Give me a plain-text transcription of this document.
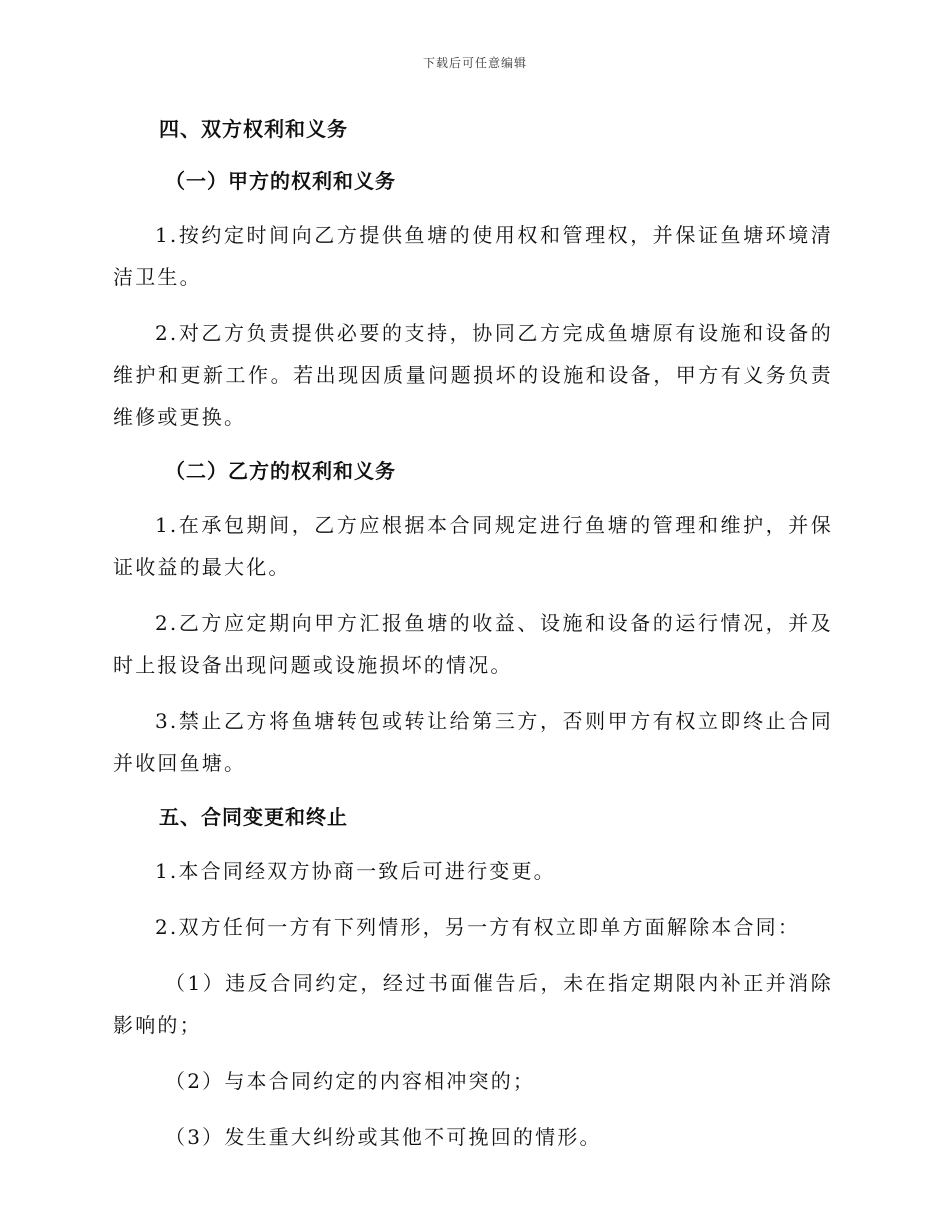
下载后可任意编辑
四、双方权利和义务
（一）甲方的权利和义务

1.按约定时间向乙方提供鱼塘的使用权和管理权，并保证鱼塘环境清洁卫生。

2.对乙方负责提供必要的支持，协同乙方完成鱼塘原有设施和设备的维护和更新工作。若出现因质量问题损坏的设施和设备，甲方有义务负责维修或更换。

（二）乙方的权利和义务

1.在承包期间，乙方应根据本合同规定进行鱼塘的管理和维护，并保证收益的最大化。

2.乙方应定期向甲方汇报鱼塘的收益、设施和设备的运行情况，并及时上报设备出现问题或设施损坏的情况。

3.禁止乙方将鱼塘转包或转让给第三方，否则甲方有权立即终止合同并收回鱼塘。

五、合同变更和终止

1.本合同经双方协商一致后可进行变更。

2.双方任何一方有下列情形，另一方有权立即单方面解除本合同：

（1）违反合同约定，经过书面催告后，未在指定期限内补正并消除影响的；

（2）与本合同约定的内容相冲突的；

（3）发生重大纠纷或其他不可挽回的情形。
